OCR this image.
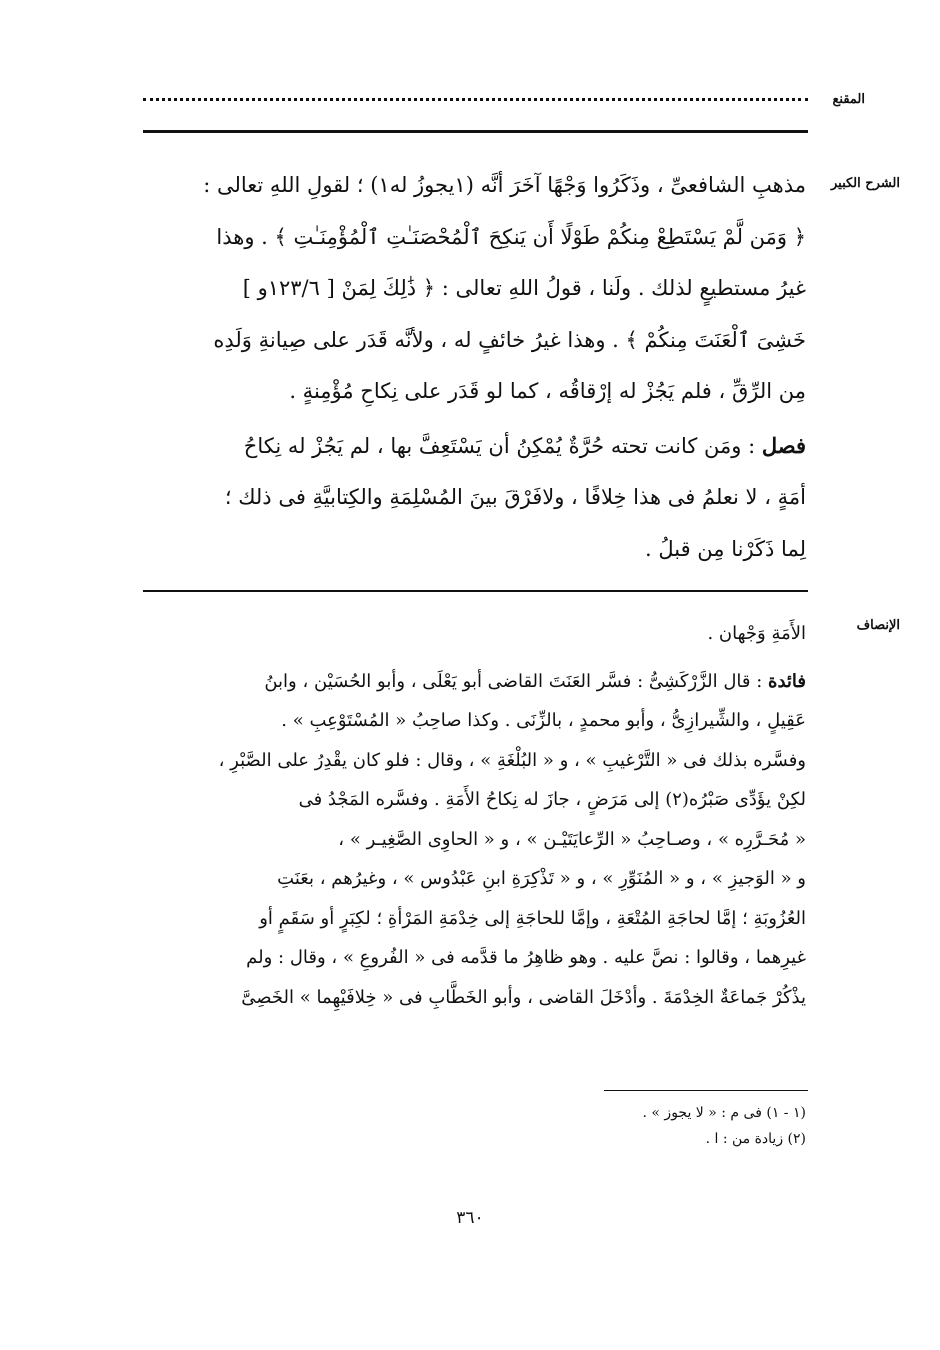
المقنع
الشرح الكبير

مذهبِ الشافعىِّ ، وذَكَرُوا وَجْهًا آخَرَ أنَّه (١يجوزُ له١) ؛ لقولِ اللهِ تعالى :

﴿ وَمَن لَّمْ يَسْتَطِعْ مِنكُمْ طَوْلًا أَن يَنكِحَ ٱلْمُحْصَنَـٰتِ ٱلْمُؤْمِنَـٰتِ ﴾ . وهذا

غيرُ مستطيعٍ لذلك . ولَنا ، قولُ اللهِ تعالى : ﴿ ذَٰلِكَ لِمَنْ [ ١٢٣/٦و ]

خَشِىَ ٱلْعَنَتَ مِنكُمْ ﴾ . وهذا غيرُ خائفٍ له ، ولأنَّه قَدَر على صِيانةِ وَلَدِه

مِن الرِّقِّ ، فلم يَجُزْ له إرْقاقُه ، كما لو قَدَر على نِكاحِ مُؤْمِنةٍ .

فصل : ومَن كانت تحته حُرَّةٌ يُمْكِنُ أن يَسْتَعِفَّ بها ، لم يَجُزْ له نِكاحُ

أمَةٍ ، لا نعلمُ فى هذا خِلافًا ، ولافَرْقَ بينَ المُسْلِمَةِ والكِتابيَّةِ فى ذلك ؛

لِما ذَكَرْنا مِن قبلُ .

الإنصاف

الأَمَةِ وَجْهان .

فائدة : قال الزَّرْكَشِىُّ : فسَّر العَنَتَ القاضى أبو يَعْلَى ، وأبو الحُسَيْن ، وابنُ

عَقِيلٍ ، والشِّيرازِىُّ ، وأبو محمدٍ ، بالزِّنَى . وكذا صاحِبُ « المُسْتَوْعِبِ » .

وفسَّره بذلك فى « التَّرْغيبِ » ، و « البُلْغَةِ » ، وقال : فلو كان يقْدِرُ على الصَّبْرِ ،

لكِنْ يؤَدِّى صَبْرُه(٢) إلى مَرَضٍ ، جازَ له نِكاحُ الأَمَةِ . وفسَّره المَجْدُ فى

« مُحَـرَّرِه » ، وصـاحِبُ « الرِّعايَتَيْـن » ، و « الحاوِى الصَّغِيـر » ،

و « الوَجيزِ » ، و « المُنَوِّرِ » ، و « تَذْكِرَةِ ابنِ عَبْدُوس » ، وغيرُهم ، بعَنَتِ

العُزُوبَةِ ؛ إمَّا لحاجَةِ المُتْعَةِ ، وإمَّا للحاجَةِ إلى خِدْمَةِ المَرْأةِ ؛ لكِبَرٍ أو سَقَمٍ أو

غيرِهما ، وقالوا : نصَّ عليه . وهو ظاهِرُ ما قدَّمه فى « الفُروعِ » ، وقال : ولم

يذْكُرْ جَماعَةٌ الخِدْمَةَ . وأدْخَلَ القاضى ، وأبو الخَطَّابِ فى « خِلافَيْهِما » الخَصِىَّ

(١ - ١) فى م : « لا يجوز » .
(٢) زيادة من : ا .
٣٦٠
